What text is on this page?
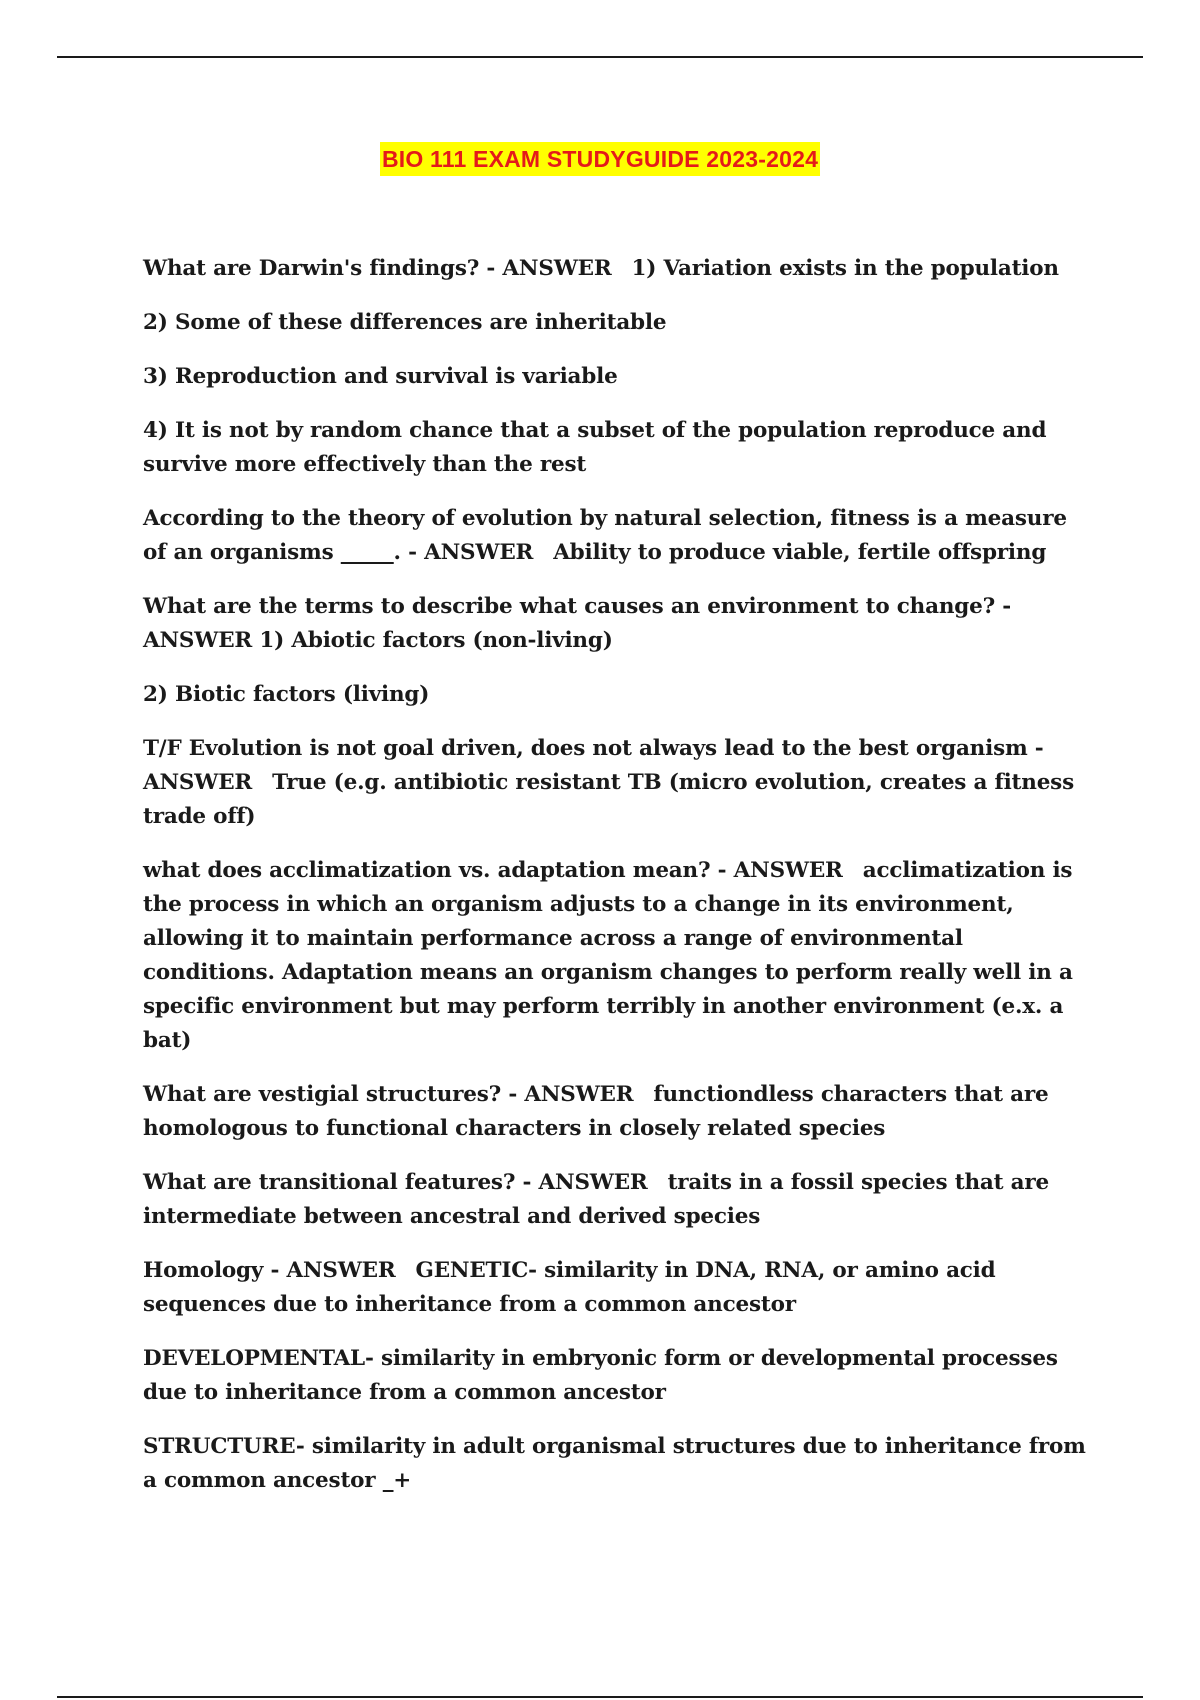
BIO 111 EXAM STUDYGUIDE 2023-2024

What are Darwin's findings? - ANSWER 1) Variation exists in the population

2) Some of these differences are inheritable

3) Reproduction and survival is variable

4) It is not by random chance that a subset of the population reproduce and survive more effectively than the rest

According to the theory of evolution by natural selection, fitness is a measure of an organisms _____. - ANSWER Ability to produce viable, fertile offspring

What are the terms to describe what causes an environment to change? - ANSWER 1) Abiotic factors (non-living)

2) Biotic factors (living)

T/F Evolution is not goal driven, does not always lead to the best organism - ANSWER True (e.g. antibiotic resistant TB (micro evolution, creates a fitness trade off)

what does acclimatization vs. adaptation mean? - ANSWER acclimatization is the process in which an organism adjusts to a change in its environment, allowing it to maintain performance across a range of environmental conditions. Adaptation means an organism changes to perform really well in a specific environment but may perform terribly in another environment (e.x. a bat)

What are vestigial structures? - ANSWER functiondless characters that are homologous to functional characters in closely related species

What are transitional features? - ANSWER traits in a fossil species that are intermediate between ancestral and derived species

Homology - ANSWER GENETIC- similarity in DNA, RNA, or amino acid sequences due to inheritance from a common ancestor

DEVELOPMENTAL- similarity in embryonic form or developmental processes due to inheritance from a common ancestor

STRUCTURE- similarity in adult organismal structures due to inheritance from a common ancestor _+
